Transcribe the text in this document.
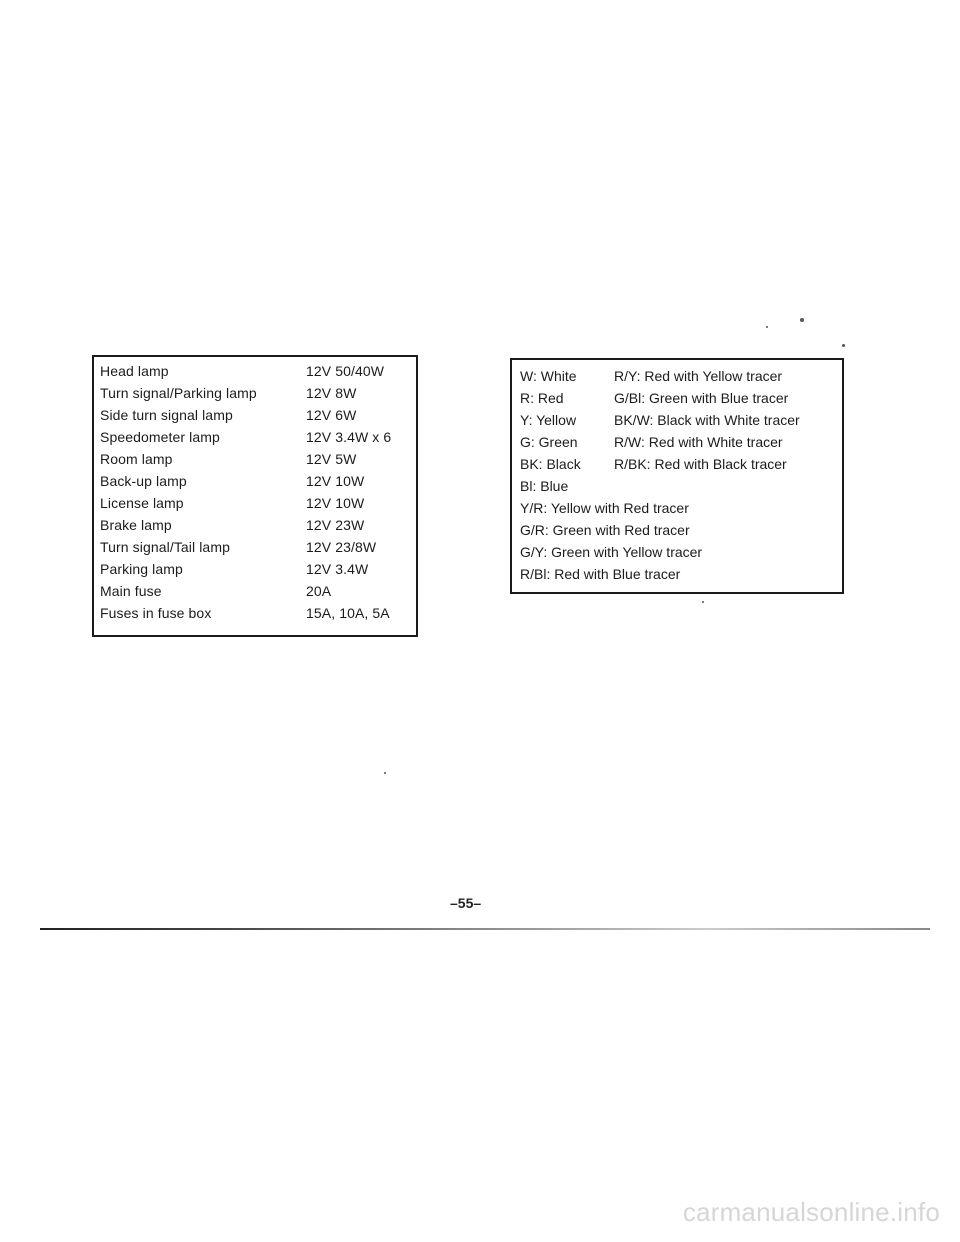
Head lamp	12V 50/40W
Turn signal/Parking lamp	12V 8W
Side turn signal lamp	12V 6W
Speedometer lamp	12V 3.4W x 6
Room lamp	12V 5W
Back-up lamp	12V 10W
License lamp	12V 10W
Brake lamp	12V 23W
Turn signal/Tail lamp	12V 23/8W
Parking lamp	12V 3.4W
Main fuse	20A
Fuses in fuse box	15A, 10A, 5A
W: White	R/Y: Red with Yellow tracer
R: Red	G/Bl: Green with Blue tracer
Y: Yellow	BK/W: Black with White tracer
G: Green	R/W: Red with White tracer
BK: Black	R/BK: Red with Black tracer
Bl: Blue
Y/R: Yellow with Red tracer
G/R: Green with Red tracer
G/Y: Green with Yellow tracer
R/Bl: Red with Blue tracer
–55–
carmanualsonline.info
